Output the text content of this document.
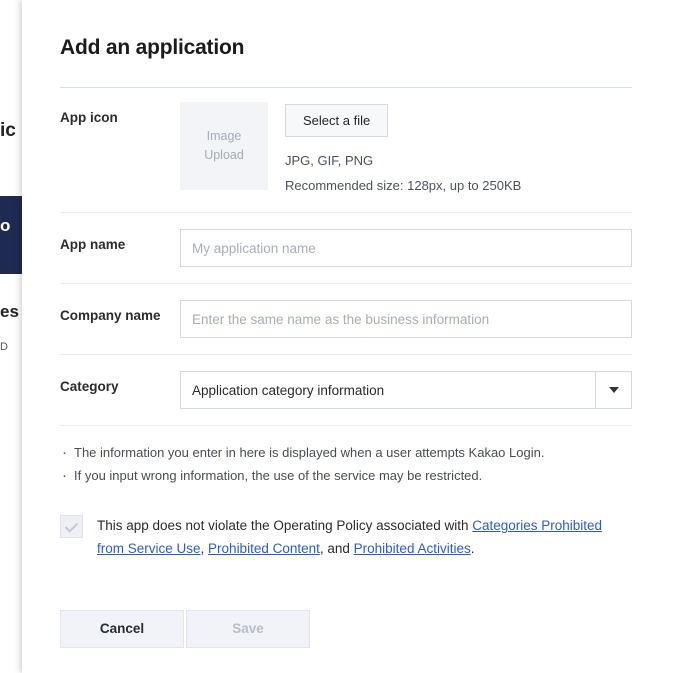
ic
o
es
D
Add an application
App icon
Image
Upload
Select a file
JPG, GIF, PNG
Recommended size: 128px, up to 250KB
App name
My application name
Company name
Enter the same name as the business information
Category	Application category information
· The information you enter in here is displayed when a user attempts Kakao Login.
· If you input wrong information, the use of the service may be restricted.
This app does not violate the Operating Policy associated with Categories Prohibited from Service Use, Prohibited Content, and Prohibited Activities.
Cancel	Save
